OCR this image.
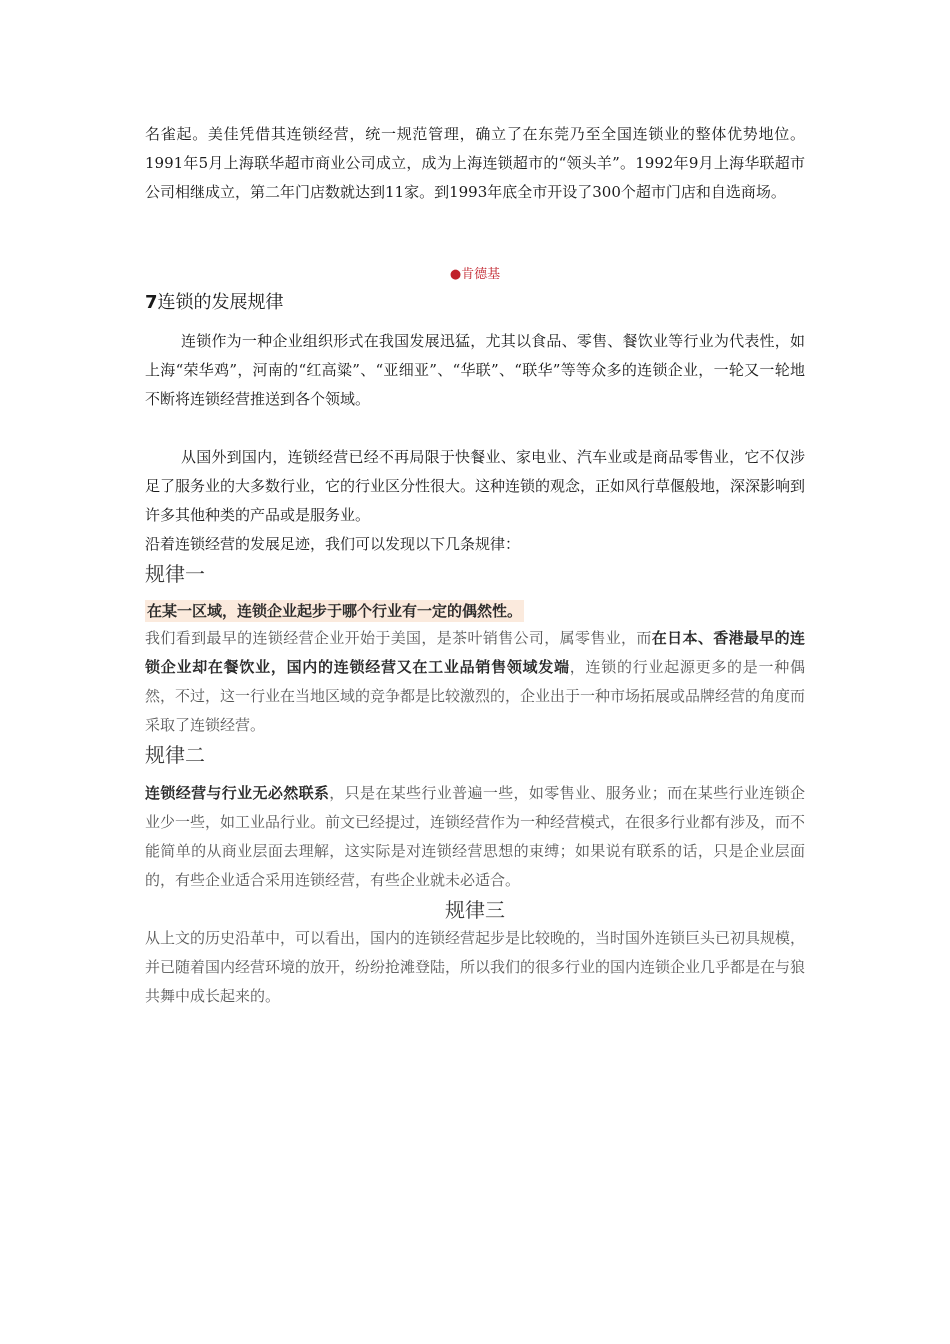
名雀起。美佳凭借其连锁经营，统一规范管理，确立了在东莞乃至全国连锁业的整体优势地位。1991年5月上海联华超市商业公司成立，成为上海连锁超市的“领头羊”。1992年9月上海华联超市公司相继成立，第二年门店数就达到11家。到1993年底全市开设了300个超市门店和自选商场。

●肯德基

7连锁的发展规律

连锁作为一种企业组织形式在我国发展迅猛，尤其以食品、零售、餐饮业等行业为代表性，如上海“荣华鸡”，河南的“红高粱”、“亚细亚”、“华联”、“联华”等等众多的连锁企业，一轮又一轮地不断将连锁经营推送到各个领域。

从国外到国内，连锁经营已经不再局限于快餐业、家电业、汽车业或是商品零售业，它不仅涉足了服务业的大多数行业，它的行业区分性很大。这种连锁的观念，正如风行草偃般地，深深影响到许多其他种类的产品或是服务业。

沿着连锁经营的发展足迹，我们可以发现以下几条规律：

规律一

在某一区域，连锁企业起步于哪个行业有一定的偶然性。

我们看到最早的连锁经营企业开始于美国，是茶叶销售公司，属零售业，而在日本、香港最早的连锁企业却在餐饮业，国内的连锁经营又在工业品销售领域发端，连锁的行业起源更多的是一种偶然，不过，这一行业在当地区域的竞争都是比较激烈的，企业出于一种市场拓展或品牌经营的角度而采取了连锁经营。

规律二

连锁经营与行业无必然联系，只是在某些行业普遍一些，如零售业、服务业；而在某些行业连锁企业少一些，如工业品行业。前文已经提过，连锁经营作为一种经营模式，在很多行业都有涉及，而不能简单的从商业层面去理解，这实际是对连锁经营思想的束缚；如果说有联系的话，只是企业层面的，有些企业适合采用连锁经营，有些企业就未必适合。

规律三

从上文的历史沿革中，可以看出，国内的连锁经营起步是比较晚的，当时国外连锁巨头已初具规模，并已随着国内经营环境的放开，纷纷抢滩登陆，所以我们的很多行业的国内连锁企业几乎都是在与狼共舞中成长起来的。
